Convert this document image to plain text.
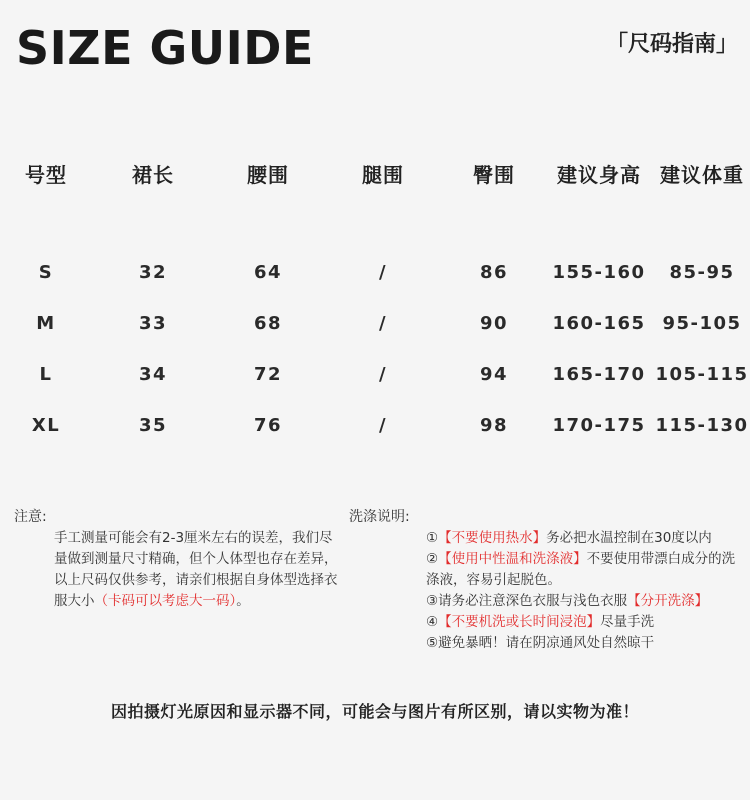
SIZE GUIDE	「尺码指南」
号型	裙长	腰围	腿围	臀围	建议身高	建议体重

S	32	64	/	86	155-160	85-95
M	33	68	/	90	160-165	95-105
L	34	72	/	94	165-170	105-115
XL	35	76	/	98	170-175	115-130
注意:
手工测量可能会有2-3厘米左右的误差，我们尽量做到测量尺寸精确，但个人体型也存在差异，以上尺码仅供参考，请亲们根据自身体型选择衣服大小（卡码可以考虑大一码）。
洗涤说明:
①【不要使用热水】务必把水温控制在30度以内
②【使用中性温和洗涤液】不要使用带漂白成分的洗涤液，容易引起脱色。
③请务必注意深色衣服与浅色衣服【分开洗涤】
④【不要机洗或长时间浸泡】尽量手洗
⑤避免暴晒！请在阴凉通风处自然晾干
因拍摄灯光原因和显示器不同，可能会与图片有所区别，请以实物为准！
